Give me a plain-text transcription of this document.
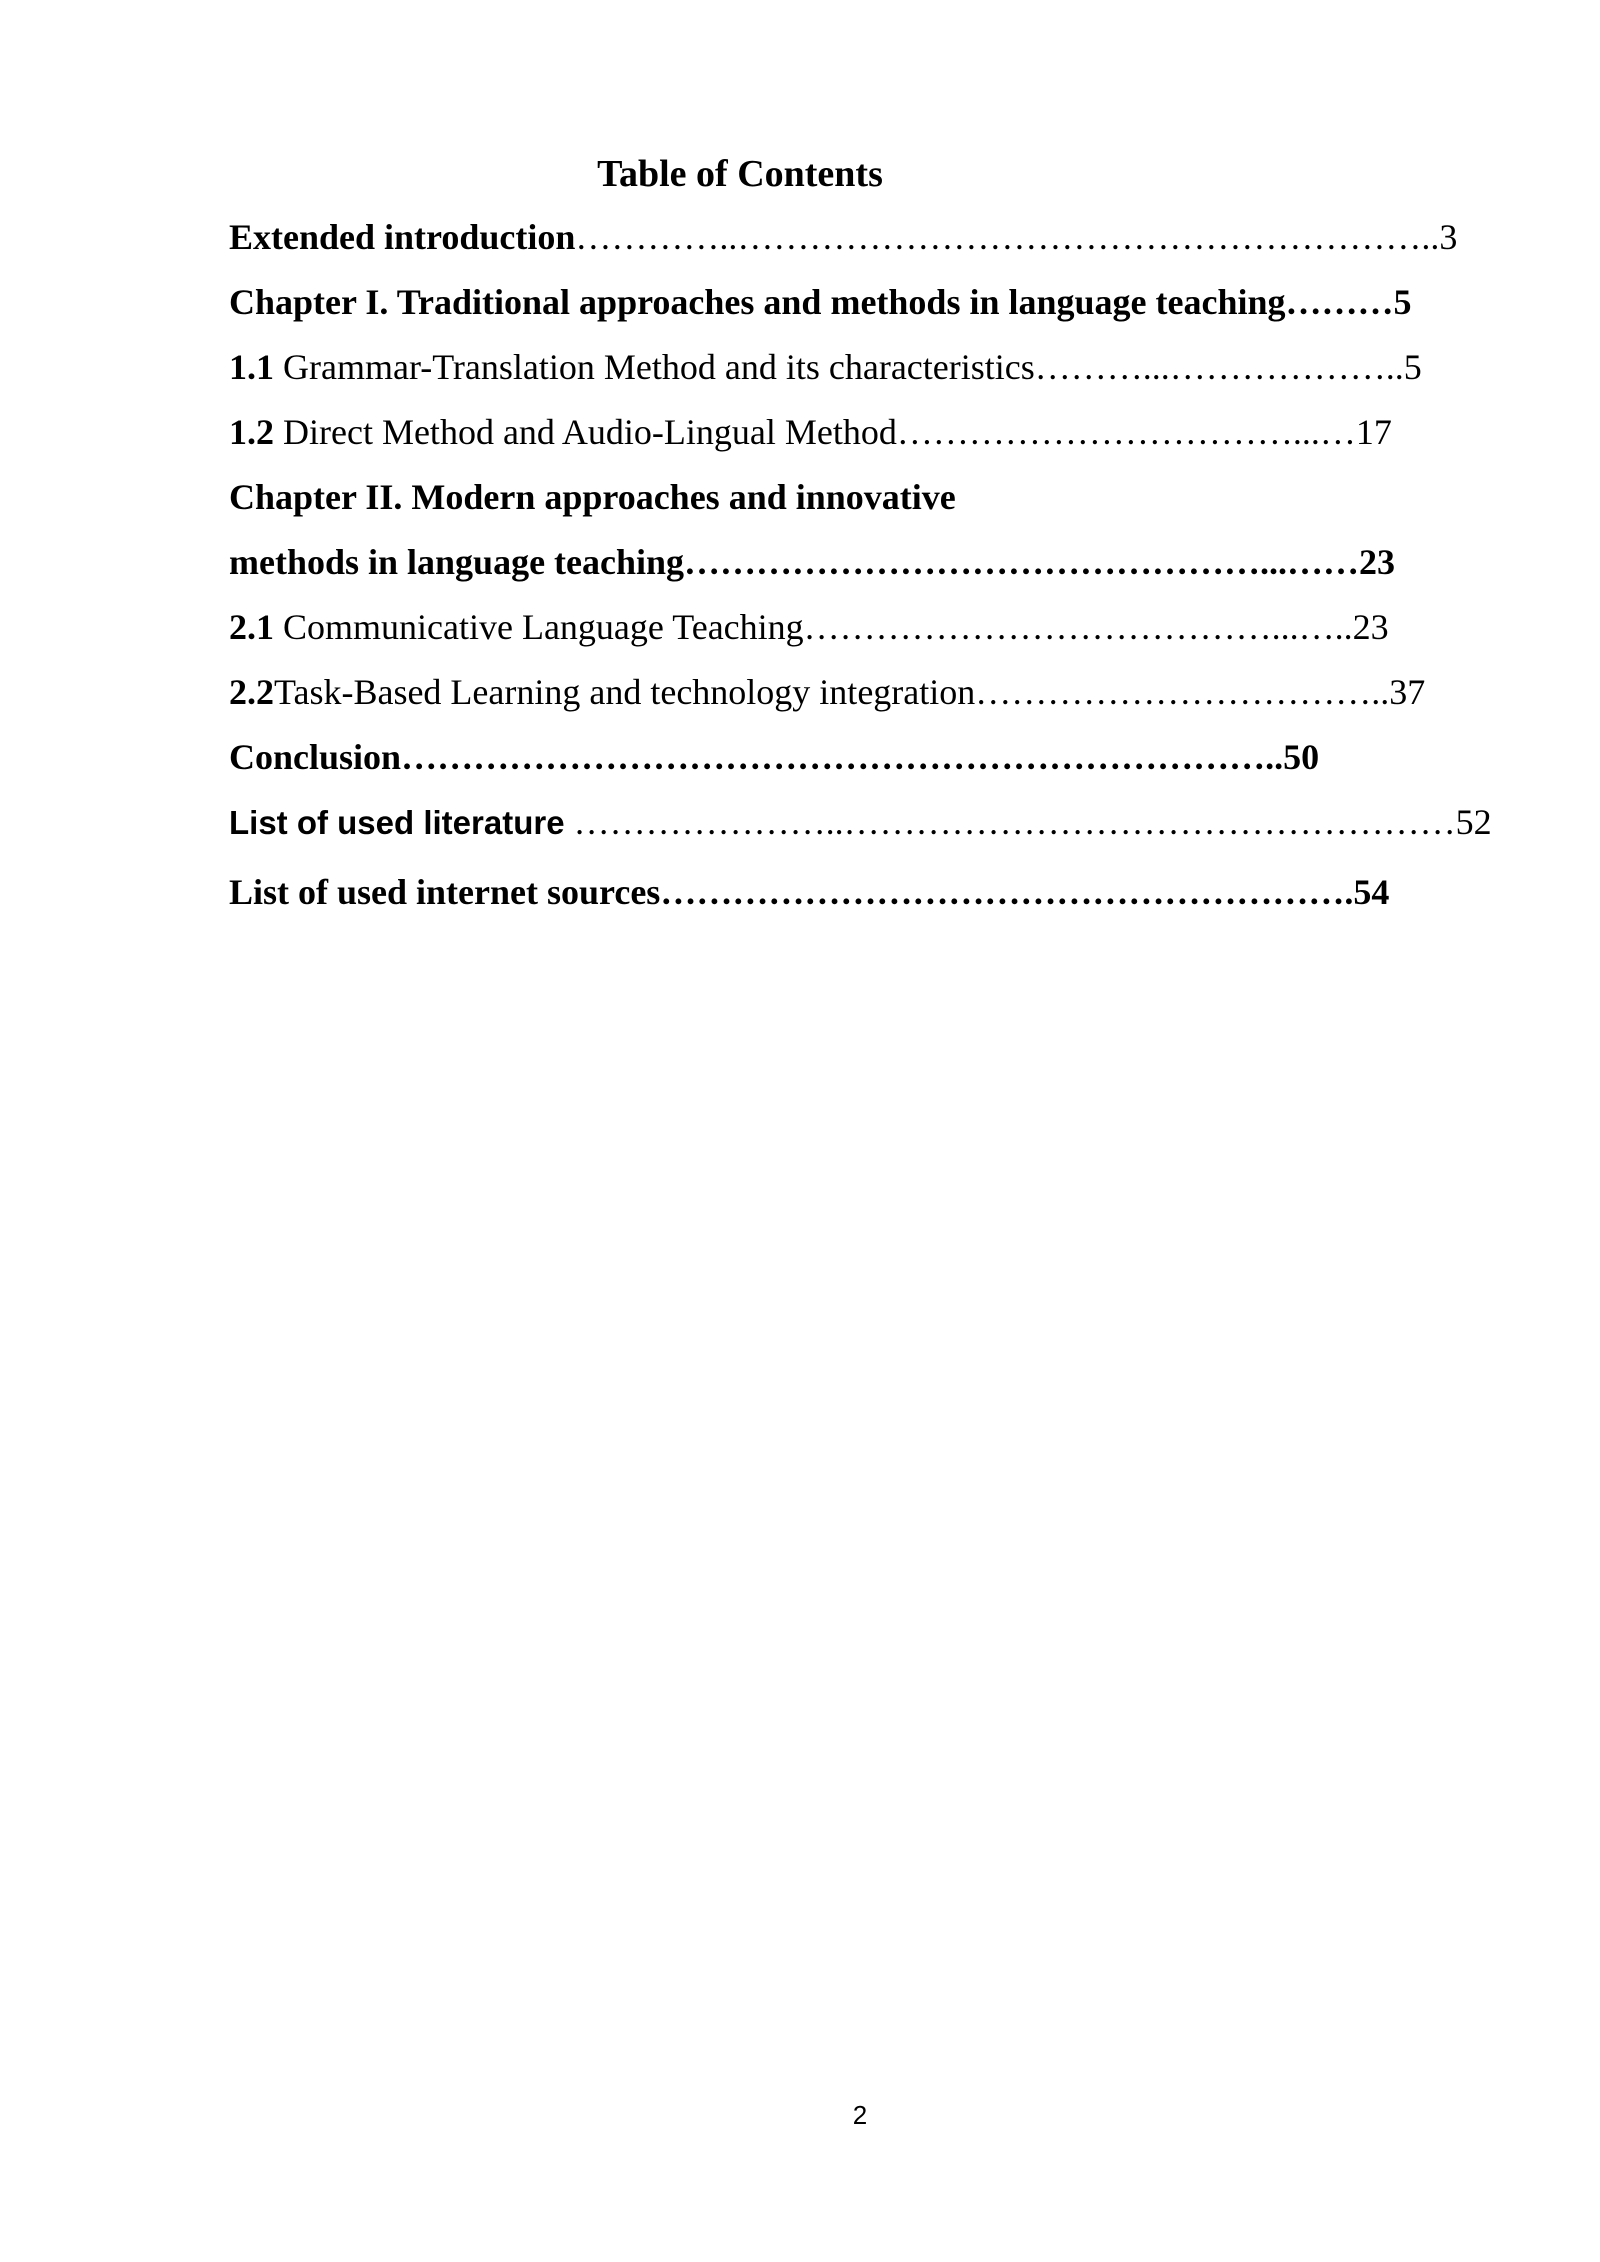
Table of Contents
Extended introduction…………..…………………………………………………..3
Chapter I. Traditional approaches and methods in language teaching………5
1.1 Grammar-Translation Method and its characteristics………...………………..5
1.2 Direct Method and Audio-Lingual Method……………………………...…17
Chapter II. Modern approaches and innovative
methods in language teaching…………………………………………...……23
2.1 Communicative Language Teaching…………………………………...…..23
2.2Task-Based Learning and technology integration……………………………..37
Conclusion………………………………………………………………..50
List of used literature …………………..……………………………………………52
List of used internet sources………………………………………………….54
2
